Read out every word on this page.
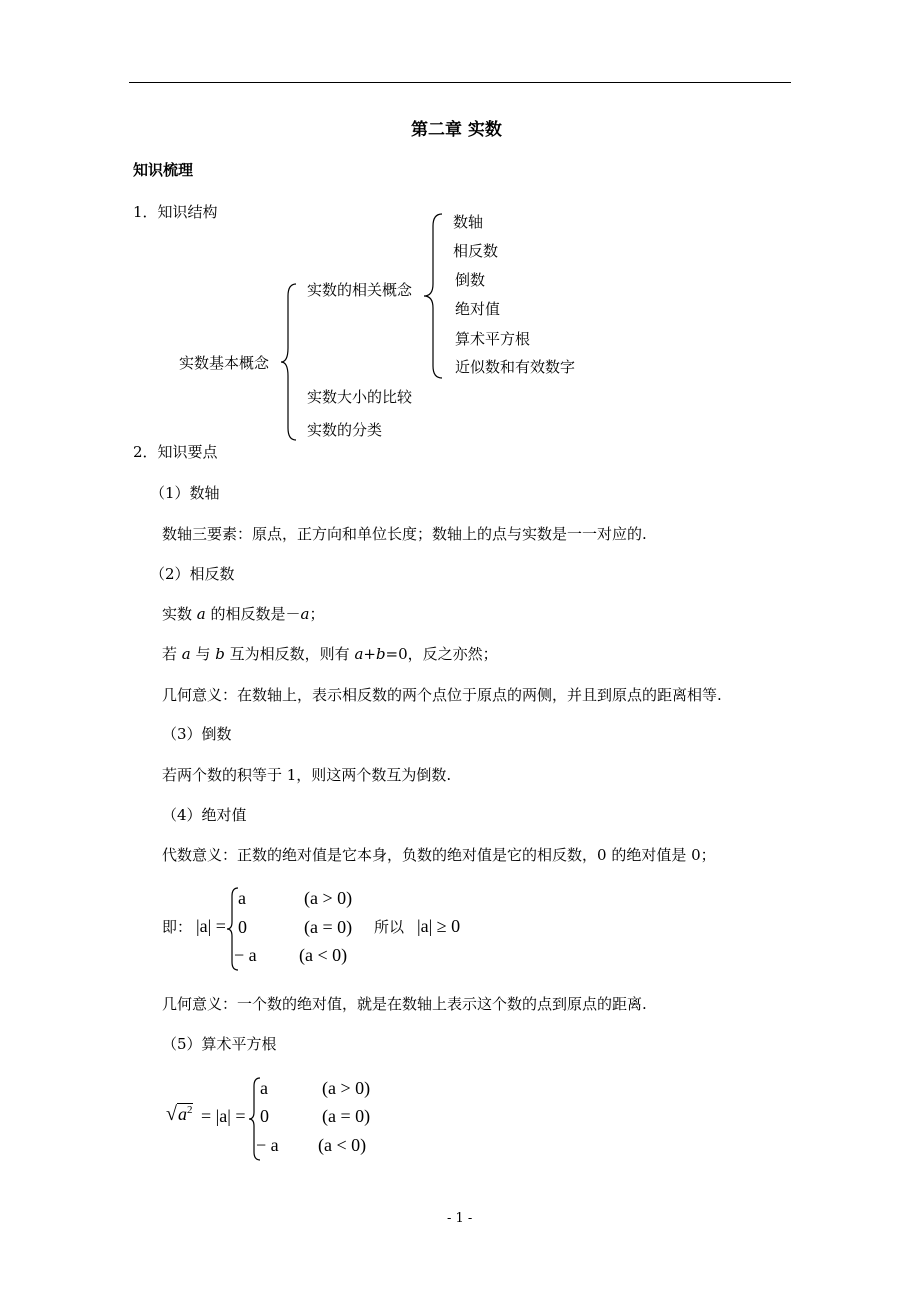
第二章 实数
知识梳理
1．知识结构
实数基本概念
实数的相关概念
实数大小的比较
实数的分类
数轴
相反数
倒数
绝对值
算术平方根
近似数和有效数字
2．知识要点
（1）数轴
数轴三要素：原点，正方向和单位长度；数轴上的点与实数是一一对应的.
（2）相反数
实数 a 的相反数是－a；
若 a 与 b 互为相反数，则有 a+b=0，反之亦然；
几何意义：在数轴上，表示相反数的两个点位于原点的两侧，并且到原点的距离相等.
（3）倒数
若两个数的积等于 1，则这两个数互为倒数.
（4）绝对值
代数意义：正数的绝对值是它本身，负数的绝对值是它的相反数，0 的绝对值是 0；
即： |a| =
a	(a > 0)
0	(a = 0)
− a (a < 0)
所以 |a| ≥ 0
几何意义：一个数的绝对值，就是在数轴上表示这个数的点到原点的距离.
（5）算术平方根
$√a^2 = |a|$ =
a	(a > 0)
0	(a = 0)
− a (a < 0)
- 1 -
